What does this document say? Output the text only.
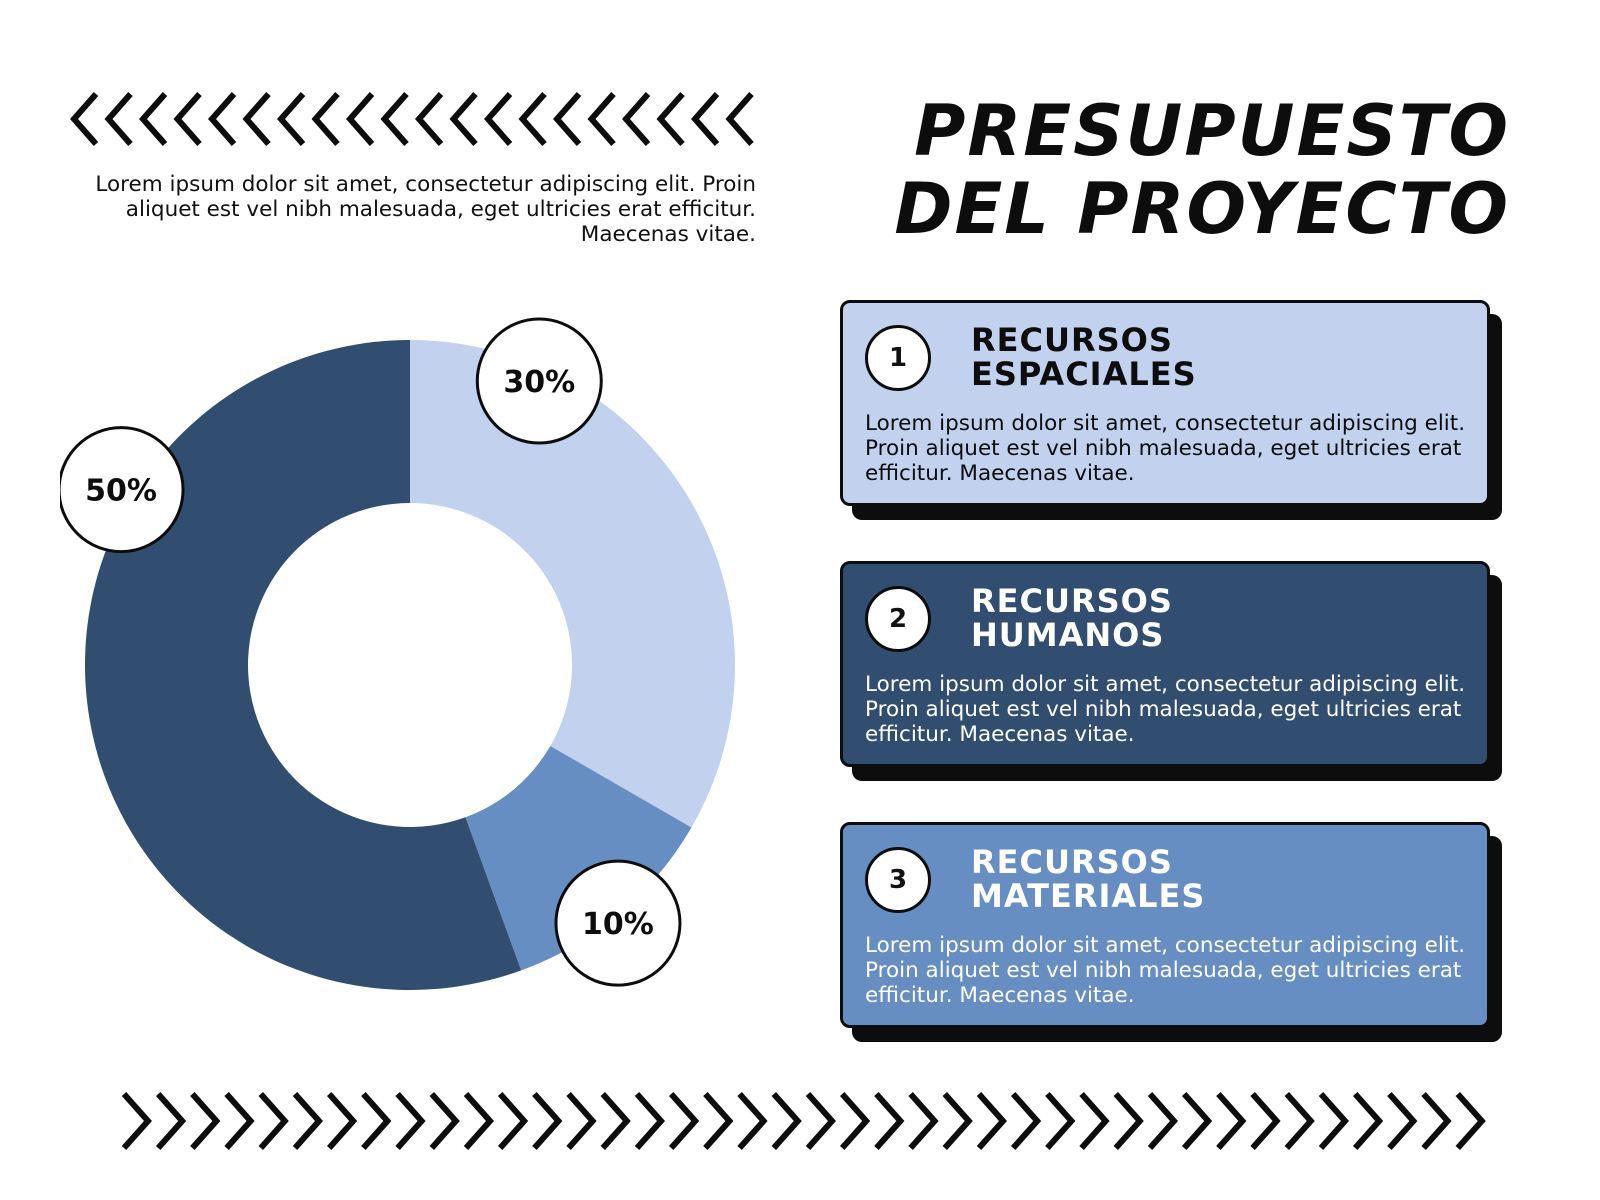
Lorem ipsum dolor sit amet, consectetur adipiscing elit. Proin aliquet est vel nibh malesuada, eget ultricies erat efficitur. Maecenas vitae.
PRESUPUESTO
DEL PROYECTO
30%
10%
50%
1	RECURSOS
ESPACIALES
Lorem ipsum dolor sit amet, consectetur adipiscing elit. Proin aliquet est vel nibh malesuada, eget ultricies erat efficitur. Maecenas vitae.
2	RECURSOS
HUMANOS
Lorem ipsum dolor sit amet, consectetur adipiscing elit. Proin aliquet est vel nibh malesuada, eget ultricies erat efficitur. Maecenas vitae.
3	RECURSOS
MATERIALES
Lorem ipsum dolor sit amet, consectetur adipiscing elit. Proin aliquet est vel nibh malesuada, eget ultricies erat efficitur. Maecenas vitae.
